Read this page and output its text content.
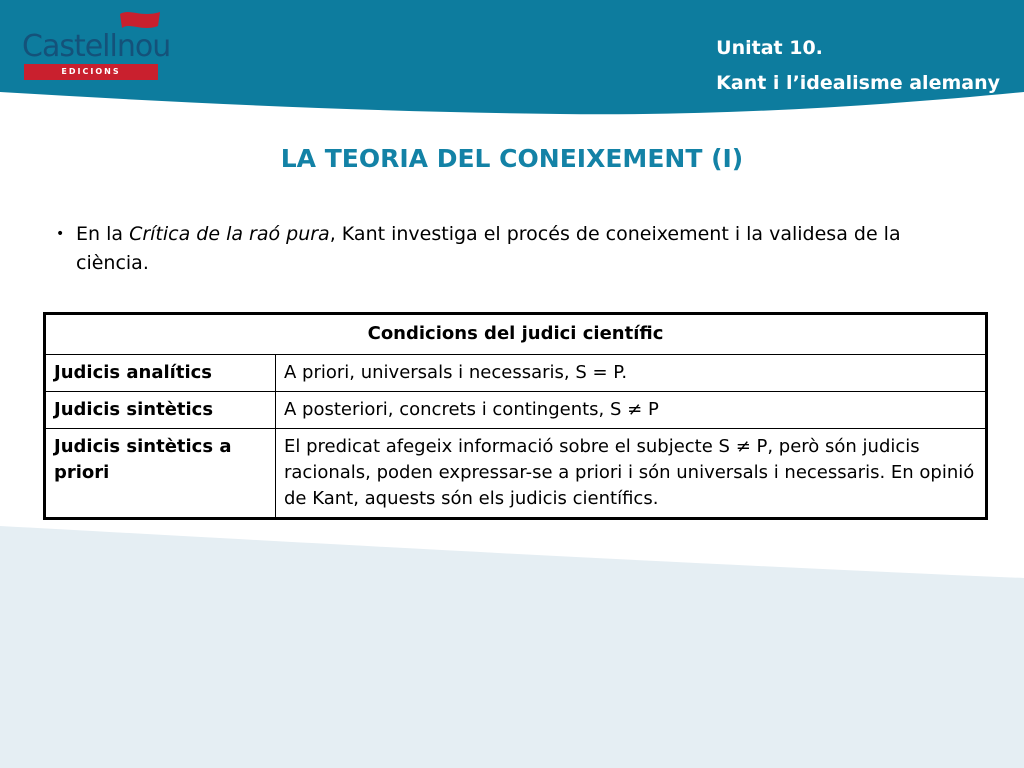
Castellnou
EDICIONS
Unitat 10.
Kant i l’idealisme alemany
LA TEORIA DEL CONEIXEMENT (I)
• En la Crítica de la raó pura, Kant investiga el procés de coneixement i la validesa de la ciència.
Condicions del judici científic	
Judicis analítics	A priori, universals i necessaris, S = P.
Judicis sintètics	A posteriori, concrets i contingents, S ≠ P
Judicis sintètics a priori	El predicat afegeix informació sobre el subjecte S ≠ P, però són judicis racionals, poden expressar-se a priori i són universals i necessaris. En opinió de Kant, aquests són els judicis científics.
